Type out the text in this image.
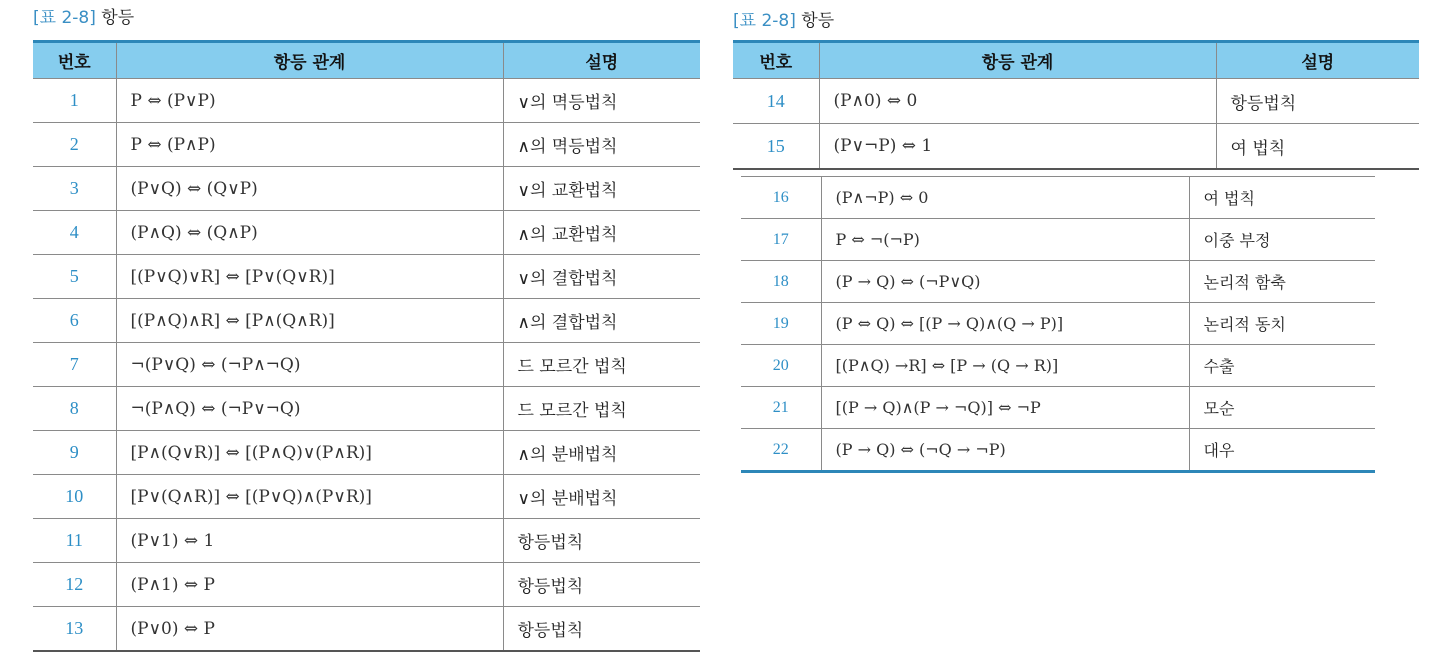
[표 2-8] 항등
번호	항등 관계	설명
1	P ⇔ (P∨P)	∨의 멱등법칙
2	P ⇔ (P∧P)	∧의 멱등법칙
3	(P∨Q) ⇔ (Q∨P)	∨의 교환법칙
4	(P∧Q) ⇔ (Q∧P)	∧의 교환법칙
5	[(P∨Q)∨R] ⇔ [P∨(Q∨R)]	∨의 결합법칙
6	[(P∧Q)∧R] ⇔ [P∧(Q∧R)]	∧의 결합법칙
7	¬(P∨Q) ⇔ (¬P∧¬Q)	드 모르간 법칙
8	¬(P∧Q) ⇔ (¬P∨¬Q)	드 모르간 법칙
9	[P∧(Q∨R)] ⇔ [(P∧Q)∨(P∧R)]	∧의 분배법칙
10	[P∨(Q∧R)] ⇔ [(P∨Q)∧(P∨R)]	∨의 분배법칙
11	(P∨1) ⇔ 1	항등법칙
12	(P∧1) ⇔ P	항등법칙
13	(P∨0) ⇔ P	항등법칙
[표 2-8] 항등
번호	항등 관계	설명
14	(P∧0) ⇔ 0	항등법칙
15	(P∨¬P) ⇔ 1	여 법칙
16	(P∧¬P) ⇔ 0	여 법칙
17	P ⇔ ¬(¬P)	이중 부정
18	(P → Q) ⇔ (¬P∨Q)	논리적 함축
19	(P ⇔ Q) ⇔ [(P → Q)∧(Q → P)]	논리적 동치
20	[(P∧Q) →R] ⇔ [P → (Q → R)]	수출
21	[(P → Q)∧(P → ¬Q)] ⇔ ¬P	모순
22	(P → Q) ⇔ (¬Q → ¬P)	대우
